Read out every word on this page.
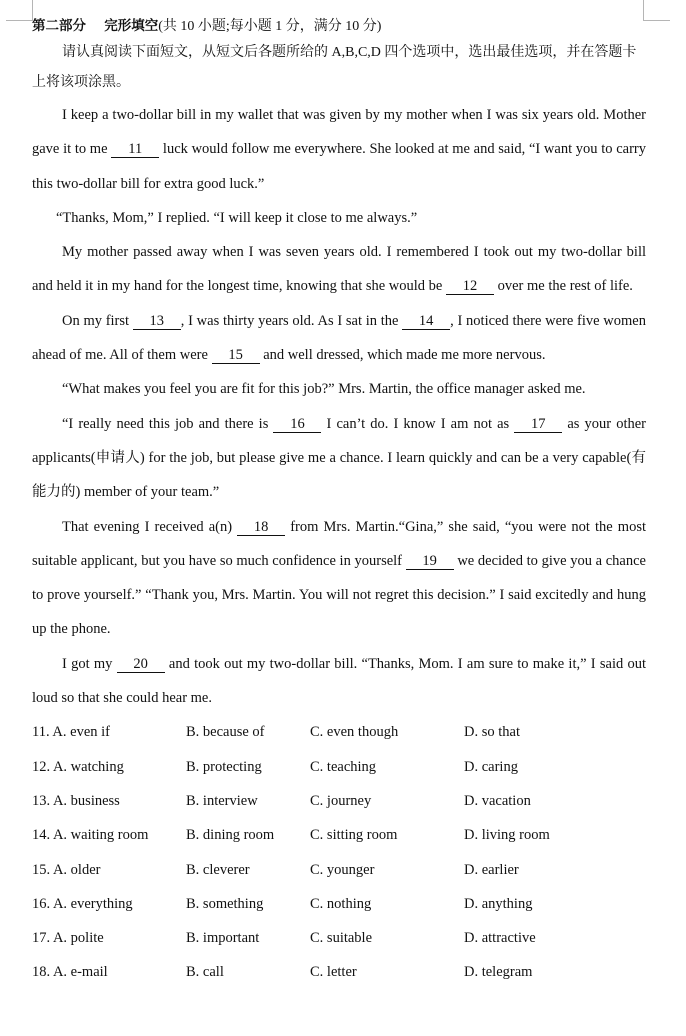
第二部分　 完形填空(共 10 小题;每小题 1 分，满分 10 分)
请认真阅读下面短文，从短文后各题所给的 A,B,C,D 四个选项中，选出最佳选项，并在答题卡上将该项涂黑。
I keep a two-dollar bill in my wallet that was given by my mother when I was six years old. Mother gave it to me 11 luck would follow me everywhere. She looked at me and said, “I want you to carry this two-dollar bill for extra good luck.”
“Thanks, Mom,” I replied. “I will keep it close to me always.”
My mother passed away when I was seven years old. I remembered I took out my two-dollar bill and held it in my hand for the longest time, knowing that she would be 12 over me the rest of life.
On my first 13 , I was thirty years old. As I sat in the 14 , I noticed there were five women ahead of me. All of them were 15 and well dressed, which made me more nervous.
“What makes you feel you are fit for this job?” Mrs. Martin, the office manager asked me.
“I really need this job and there is 16 I can’t do. I know I am not as 17 as your other applicants(申请人) for the job, but please give me a chance. I learn quickly and can be a very capable(有能力的) member of your team.”
That evening I received a(n) 18 from Mrs. Martin.“Gina,” she said, “you were not the most suitable applicant, but you have so much confidence in yourself 19 we decided to give you a chance to prove yourself.” “Thank you, Mrs. Martin. You will not regret this decision.” I said excitedly and hung up the phone.
I got my 20 and took out my two-dollar bill. “Thanks, Mom. I am sure to make it,” I said out loud so that she could hear me.
11. A. even if	B. because of	C. even though	D. so that
12. A. watching	B. protecting	C. teaching	D. caring
13. A. business	B. interview	C. journey	D. vacation
14. A. waiting room	B. dining room	C. sitting room	D. living room
15. A. older	B. cleverer	C. younger	D. earlier
16. A. everything	B. something	C. nothing	D. anything
17. A. polite	B. important	C. suitable	D. attractive
18. A. e-mail	B. call	C. letter	D. telegram
